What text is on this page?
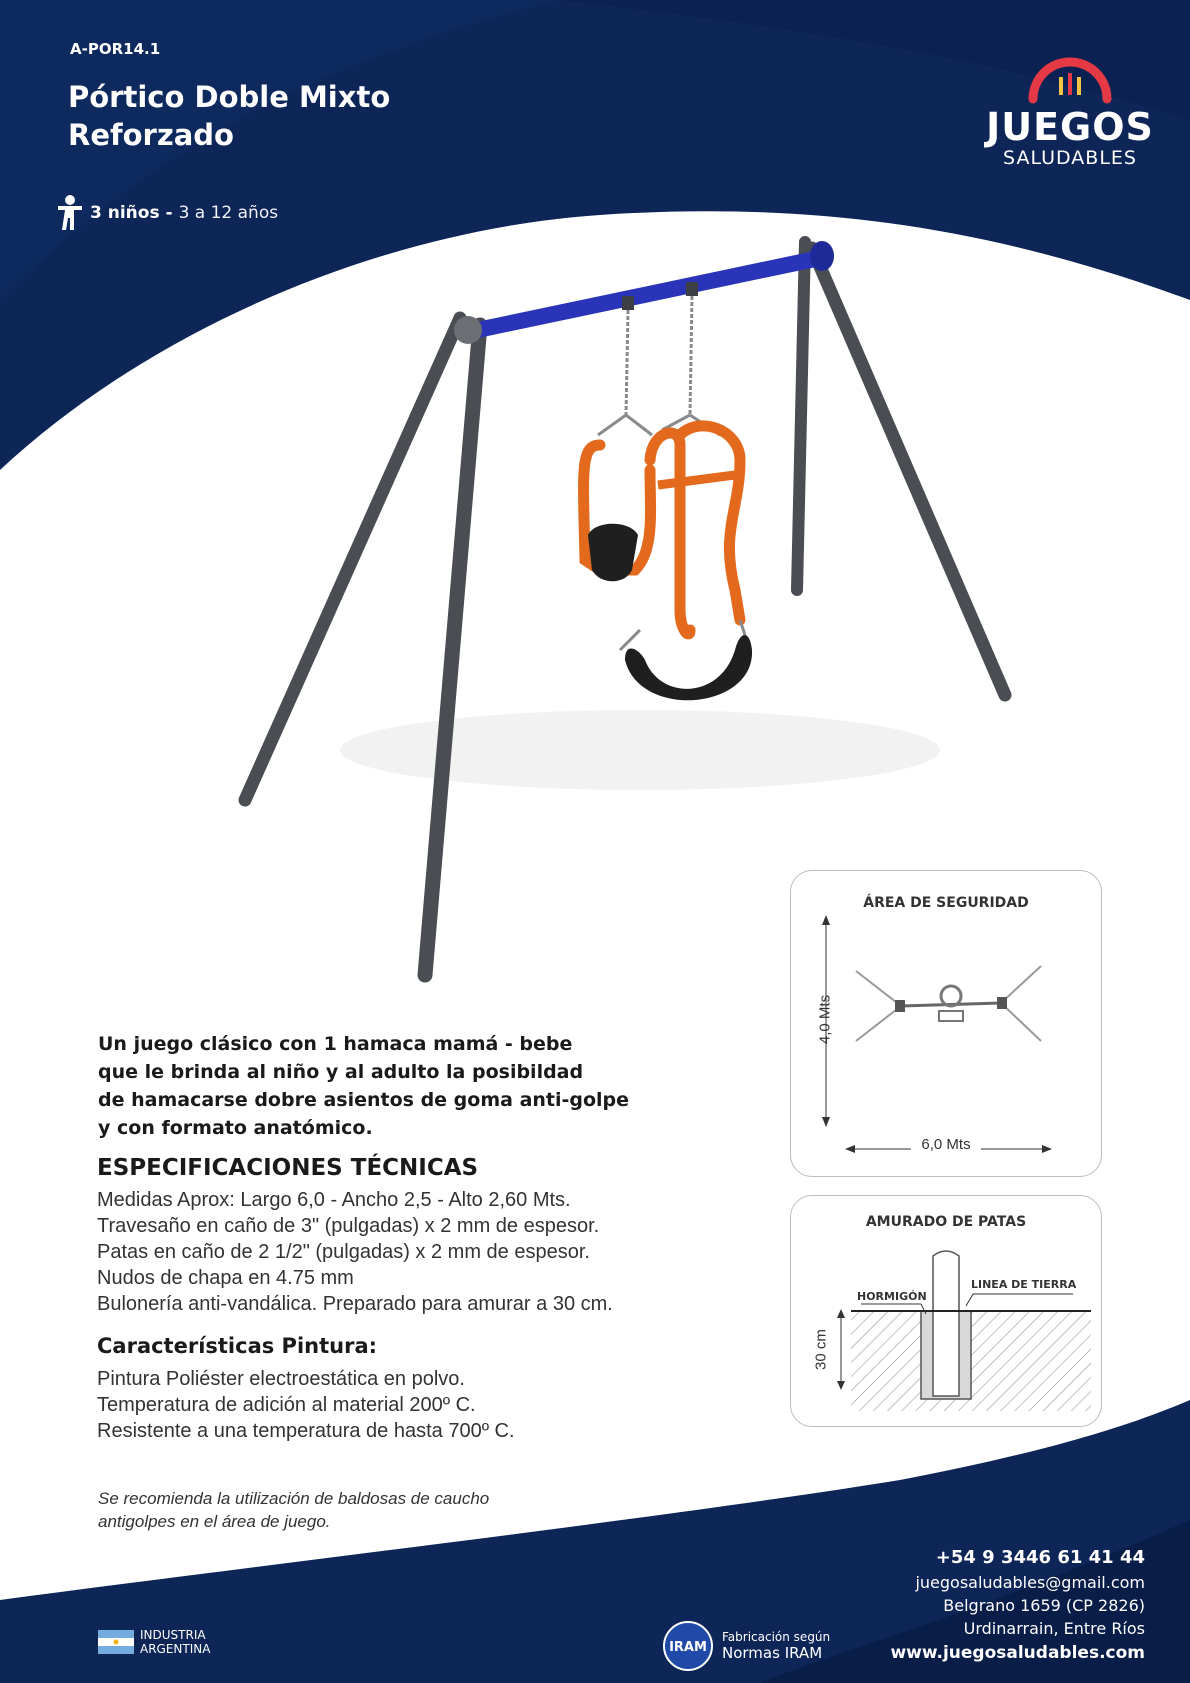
A-POR14.1
Pórtico Doble Mixto
Reforzado
3 niños - 3 a 12 años
JUEGOS
SALUDABLES
Un juego clásico con 1 hamaca mamá - bebe
que le brinda al niño y al adulto la posibildad
de hamacarse dobre asientos de goma anti-golpe
y con formato anatómico.
ESPECIFICACIONES TÉCNICAS
Medidas Aprox: Largo 6,0 - Ancho 2,5 - Alto 2,60 Mts.
Travesaño en caño de 3" (pulgadas) x 2 mm de espesor.
Patas en caño de 2 1/2" (pulgadas) x 2 mm de espesor.
Nudos de chapa en 4.75 mm
Bulonería anti-vandálica. Preparado para amurar a 30 cm.
Características Pintura:
Pintura Poliéster electroestática en polvo.
Temperatura de adición al material 200º C.
Resistente a una temperatura de hasta 700º C.
Se recomienda la utilización de baldosas de caucho
antigolpes en el área de juego.
ÁREA DE SEGURIDAD
4,0 Mts
6,0 Mts
AMURADO DE PATAS
HORMIGÓN
LINEA DE TIERRA
30 cm
+54 9 3446 61 41 44
juegosaludables@gmail.com
Belgrano 1659 (CP 2826)
Urdinarrain, Entre Ríos
www.juegosaludables.com
INDUSTRIA
ARGENTINA	IRAM
Fabricación según
Normas IRAM
